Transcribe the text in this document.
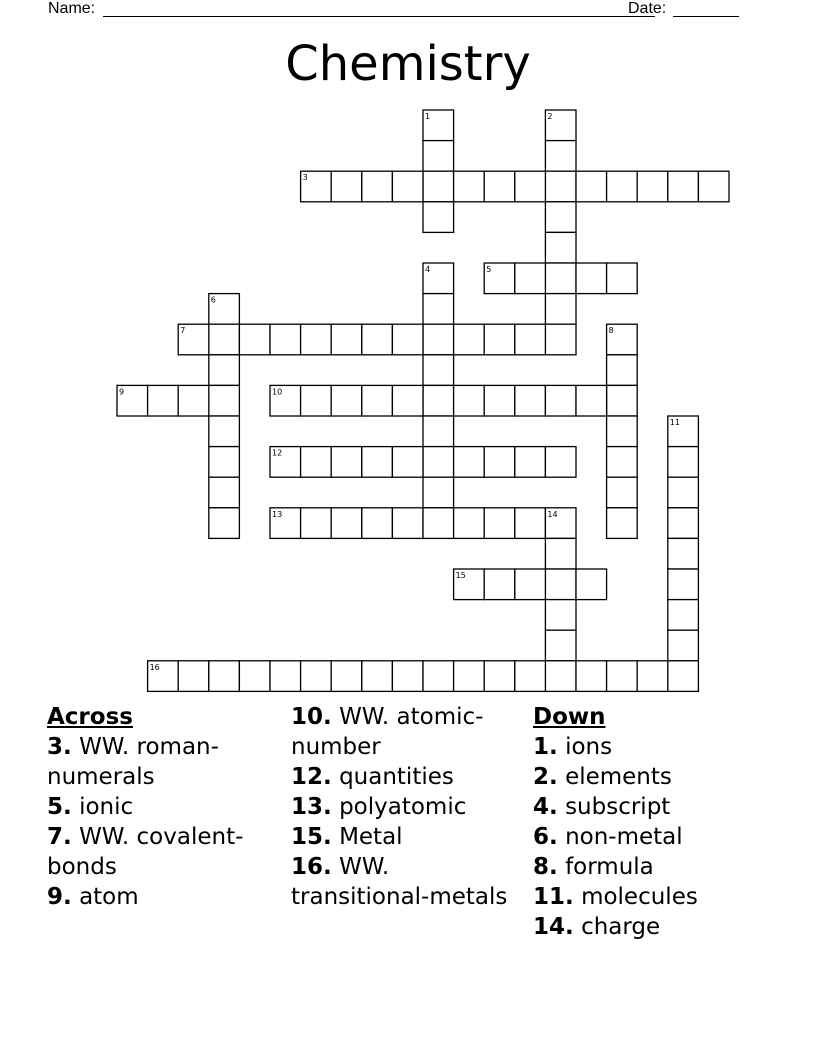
Name:	Date:
Chemistry
1	2
3
4	5
6
7	8
9	10
11
12
13	14
15
16

Across

3. WW. roman-numerals

5. ionic

7. WW. covalent-bonds

9. atom

10. WW. atomic-number

12. quantities

13. polyatomic

15. Metal

16. WW. transitional-metals

Down

1. ions

2. elements

4. subscript

6. non-metal

8. formula

11. molecules

14. charge
